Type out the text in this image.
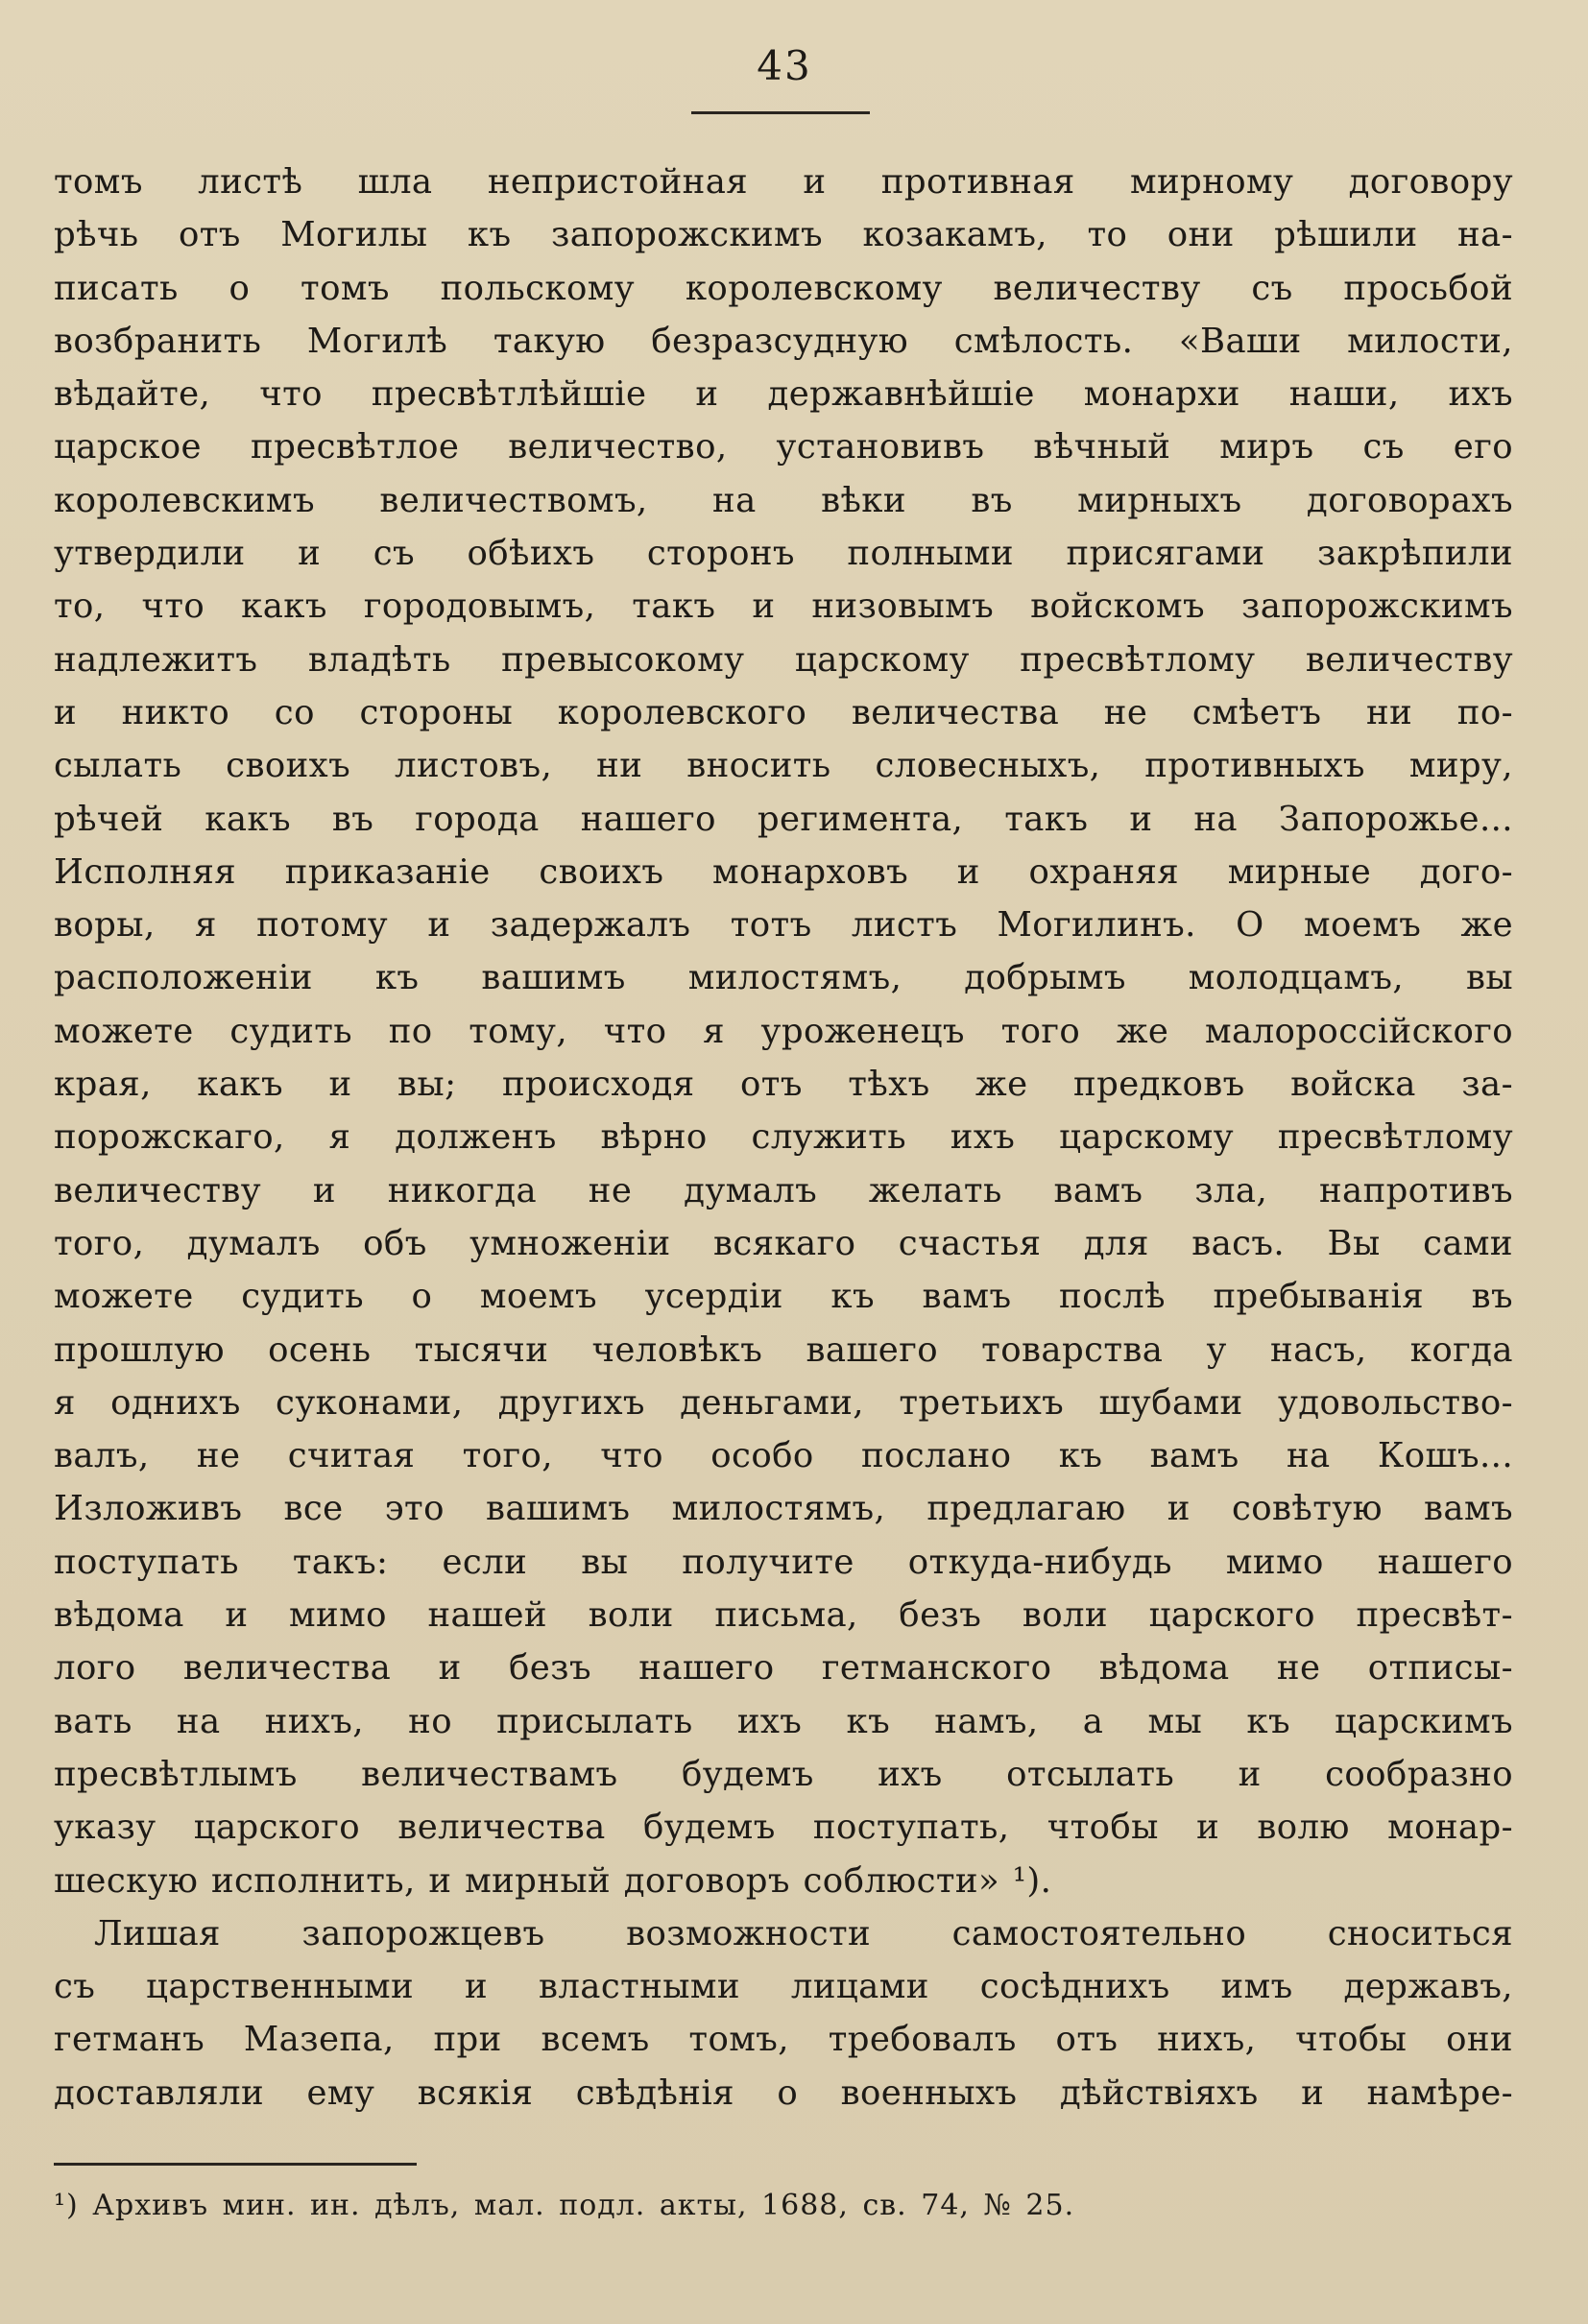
43
томъ листѣ шла непристойная и противная мирному договору
рѣчь отъ Могилы къ запорожскимъ козакамъ, то они рѣшили на-
писать о томъ польскому королевскому величеству съ просьбой
возбранить Могилѣ такую безразсудную смѣлость. «Ваши милости,
вѣдайте, что пресвѣтлѣйшіе и державнѣйшіе монархи наши, ихъ
царское пресвѣтлое величество, установивъ вѣчный миръ съ его
королевскимъ величествомъ, на вѣки въ мирныхъ договорахъ
утвердили и съ обѣихъ сторонъ полными присягами закрѣпили
то, что какъ городовымъ, такъ и низовымъ войскомъ запорожскимъ
надлежитъ владѣть превысокому царскому пресвѣтлому величеству
и никто со стороны королевского величества не смѣетъ ни по-
сылать своихъ листовъ, ни вносить словесныхъ, противныхъ миру,
рѣчей какъ въ города нашего регимента, такъ и на Запорожье...
Исполняя приказаніе своихъ монарховъ и охраняя мирные дого-
воры, я потому и задержалъ тотъ листъ Могилинъ. О моемъ же
расположеніи къ вашимъ милостямъ, добрымъ молодцамъ, вы
можете судить по тому, что я уроженецъ того же малороссійского
края, какъ и вы; происходя отъ тѣхъ же предковъ войска за-
порожскаго, я долженъ вѣрно служить ихъ царскому пресвѣтлому
величеству и никогда не думалъ желать вамъ зла, напротивъ
того, думалъ объ умноженіи всякаго счастья для васъ. Вы сами
можете судить о моемъ усердіи къ вамъ послѣ пребыванія въ
прошлую осень тысячи человѣкъ вашего товарства у насъ, когда
я однихъ суконами, другихъ деньгами, третьихъ шубами удовольство-
валъ, не считая того, что особо послано къ вамъ на Кошъ...
Изложивъ все это вашимъ милостямъ, предлагаю и совѣтую вамъ
поступать такъ: если вы получите откуда-нибудь мимо нашего
вѣдома и мимо нашей воли письма, безъ воли царского пресвѣт-
лого величества и безъ нашего гетманского вѣдома не отписы-
вать на нихъ, но присылать ихъ къ намъ, а мы къ царскимъ
пресвѣтлымъ величествамъ будемъ ихъ отсылать и сообразно
указу царского величества будемъ поступать, чтобы и волю монар-
шескую исполнить, и мирный договоръ соблюсти» ¹).
Лишая запорожцевъ возможности самостоятельно сноситься
съ царственными и властными лицами сосѣднихъ имъ державъ,
гетманъ Мазепа, при всемъ томъ, требовалъ отъ нихъ, чтобы они
доставляли ему всякія свѣдѣнія о военныхъ дѣйствіяхъ и намѣре-
¹) Архивъ мин. ин. дѣлъ, мал. подл. акты, 1688, св. 74, № 25.
